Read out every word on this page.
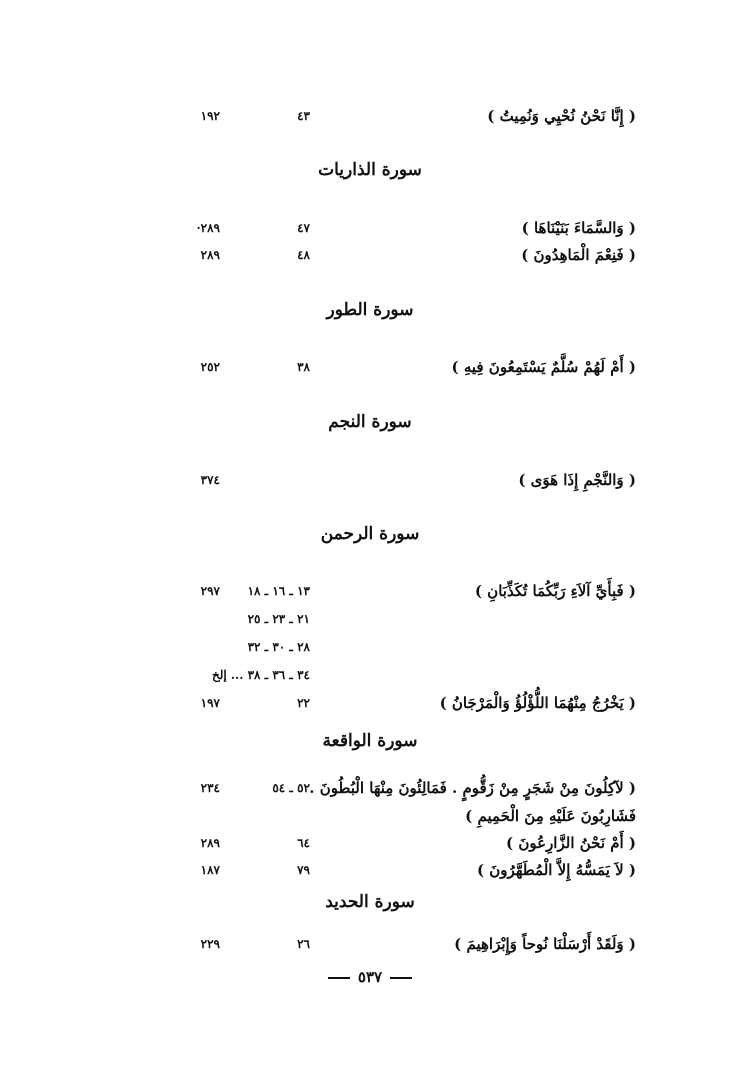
( إِنَّا نَحْنُ نُحْيِي وَنُمِيتُ )
٤٣
١٩٢
سورة الذاريات
( وَالسَّمَاءَ بَنَيْنَاهَا )
٤٧
٢٨٩·
( فَنِعْمَ الْمَاهِدُونَ )
٤٨
٢٨٩
سورة الطور
( أَمْ لَهُمْ سُلَّمٌ يَسْتَمِعُونَ فِيهِ )
٣٨
٢٥٢
سورة النجم
( وَالنَّجْمِ إِذَا هَوَى )
٣٧٤
سورة الرحمن
( فَبِأَيِّ آلاَءِ رَبِّكُمَا تُكَذِّبَانِ )
١٣ ـ ١٦ ـ ١٨
٢٩٧
٢١ ـ ٢٣ ـ ٢٥
٢٨ ـ ٣٠ ـ ٣٢
٣٤ ـ ٣٦ ـ ٣٨ ... إلخ
( يَخْرُجُ مِنْهُمَا اللُّؤْلُؤُ وَالْمَرْجَانُ )
٢٢
١٩٧
سورة الواقعة
( لآكِلُونَ مِنْ شَجَرٍ مِنْ زَقُّومٍ . فَمَالِئُونَ مِنْهَا الْبُطُونَ .
٥٢ ـ ٥٤
٢٣٤
فَشَارِبُونَ عَلَيْهِ مِنَ الْحَمِيمِ )
( أَمْ نَحْنُ الزَّارِعُونَ )
٦٤
٢٨٩
( لاَ يَمَسُّهُ إِلاَّ الْمُطَهَّرُونَ )
٧٩
١٨٧
سورة الحديد
( وَلَقَدْ أَرْسَلْنَا نُوحاً وَإِبْرَاهِيمَ )
٢٦
٢٢٩
٥٣٧
